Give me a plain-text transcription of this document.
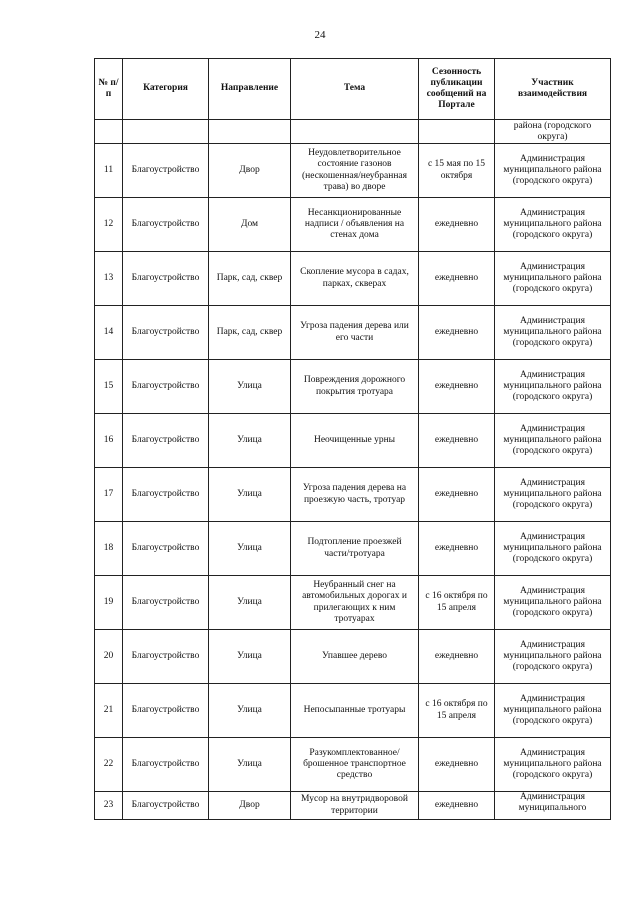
24
№ п/п	Категория	Направление	Тема	Сезонность публикации сообщений на Портале	Участник взаимодействия
					района (городского округа)
11	Благоустройство	Двор	Неудовлетворительное состояние газонов (нескошенная/неубранная трава) во дворе	с 15 мая по 15 октября	Администрация муниципального района (городского округа)
12	Благоустройство	Дом	Несанкционированные надписи / объявления на стенах дома	ежедневно	Администрация муниципального района (городского округа)
13	Благоустройство	Парк, сад, сквер	Скопление мусора в садах, парках, скверах	ежедневно	Администрация муниципального района (городского округа)
14	Благоустройство	Парк, сад, сквер	Угроза падения дерева или его части	ежедневно	Администрация муниципального района (городского округа)
15	Благоустройство	Улица	Повреждения дорожного покрытия тротуара	ежедневно	Администрация муниципального района (городского округа)
16	Благоустройство	Улица	Неочищенные урны	ежедневно	Администрация муниципального района (городского округа)
17	Благоустройство	Улица	Угроза падения дерева на проезжую часть, тротуар	ежедневно	Администрация муниципального района (городского округа)
18	Благоустройство	Улица	Подтопление проезжей части/тротуара	ежедневно	Администрация муниципального района (городского округа)
19	Благоустройство	Улица	Неубранный снег на автомобильных дорогах и прилегающих к ним тротуарах	с 16 октября по 15 апреля	Администрация муниципального района (городского округа)
20	Благоустройство	Улица	Упавшее дерево	ежедневно	Администрация муниципального района (городского округа)
21	Благоустройство	Улица	Непосыпанные тротуары	с 16 октября по 15 апреля	Администрация муниципального района (городского округа)
22	Благоустройство	Улица	Разукомплектованное/ брошенное транспортное средство	ежедневно	Администрация муниципального района (городского округа)
23	Благоустройство	Двор	Мусор на внутридворовой территории	ежедневно	Администрация муниципального
